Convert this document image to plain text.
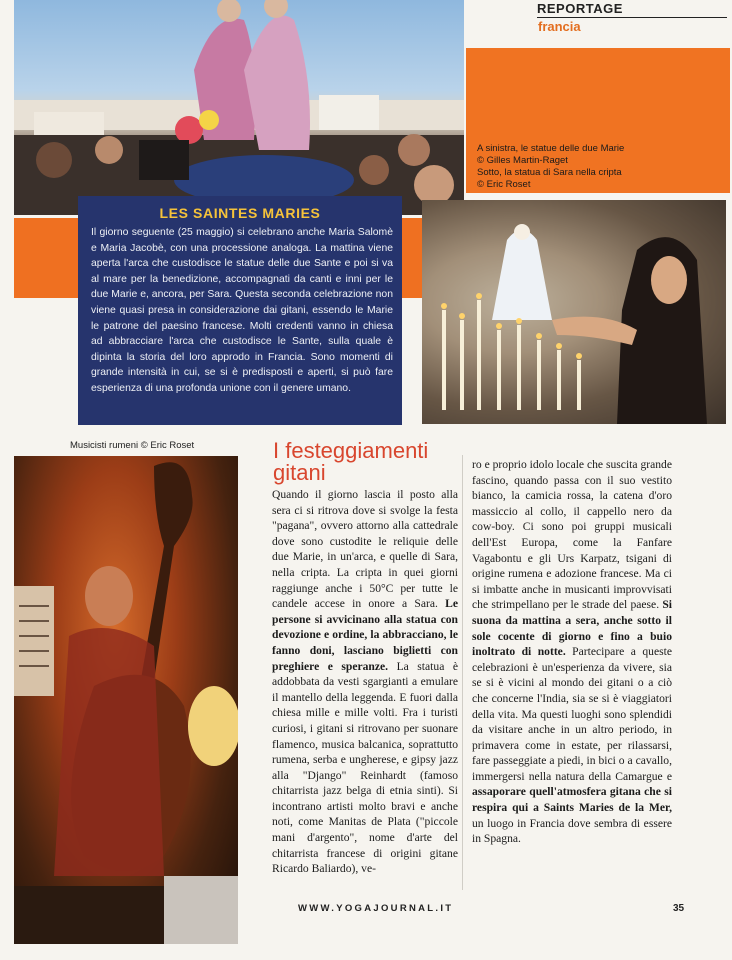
REPORTAGE
francia
A sinistra, le statue delle due Marie
© Gilles Martin-Raget
Sotto, la statua di Sara nella cripta
© Eric Roset
LES SAINTES MARIES
Il giorno seguente (25 maggio) si celebrano anche Maria Salomè e Maria Jacobè, con una processione analoga. La mattina viene aperta l'arca che custodisce le statue delle due Sante e poi si va al mare per la benedizione, accompagnati da canti e inni per le due Marie e, ancora, per Sara. Questa seconda celebrazione non viene quasi presa in considerazione dai gitani, essendo le Marie le patrone del paesino francese. Molti credenti vanno in chiesa ad abbracciare l'arca che custodisce le Sante, sulla quale è dipinta la storia del loro approdo in Francia. Sono momenti di grande intensità in cui, se si è predisposti e aperti, si può fare esperienza di una profonda unione con il genere umano.
Musicisti rumeni © Eric Roset	I festeggiamenti gitani
Quando il giorno lascia il posto alla sera ci si ritrova dove si svolge la festa "pagana", ovvero attorno alla cattedrale dove sono custodite le reliquie delle due Marie, in un'arca, e quelle di Sara, nella cripta. La cripta in quei giorni raggiunge anche i 50°C per tutte le candele accese in onore a Sara. Le persone si avvicinano alla statua con devozione e ordine, la abbracciano, le fanno doni, lasciano biglietti con preghiere e speranze. La statua è addobbata da vesti sgargianti a emulare il mantello della leggenda. E fuori dalla chiesa mille e mille volti. Fra i turisti curiosi, i gitani si ritrovano per suonare flamenco, musica balcanica, soprattutto rumena, serba e ungherese, e gipsy jazz alla "Django" Reinhardt (famoso chitarrista jazz belga di etnia sinti). Si incontrano artisti molto bravi e anche noti, come Manitas de Plata ("piccole mani d'argento", nome d'arte del chitarrista francese di origini gitane Ricardo Baliardo), ve-
ro e proprio idolo locale che suscita grande fascino, quando passa con il suo vestito bianco, la camicia rossa, la catena d'oro massiccio al collo, il cappello nero da cow-boy. Ci sono poi gruppi musicali dell'Est Europa, come la Fanfare Vagabontu e gli Urs Karpatz, tsigani di origine rumena e adozione francese. Ma ci si imbatte anche in musicanti improvvisati che strimpellano per le strade del paese. Si suona da mattina a sera, anche sotto il sole cocente di giorno e fino a buio inoltrato di notte. Partecipare a queste celebrazioni è un'esperienza da vivere, sia se si è vicini al mondo dei gitani o a ciò che concerne l'India, sia se si è viaggiatori della vita. Ma questi luoghi sono splendidi da visitare anche in un altro periodo, in primavera come in estate, per rilassarsi, fare passeggiate a piedi, in bici o a cavallo, immergersi nella natura della Camargue e assaporare quell'atmosfera gitana che si respira qui a Saints Maries de la Mer, un luogo in Francia dove sembra di essere in Spagna.
WWW.YOGAJOURNAL.IT	35
